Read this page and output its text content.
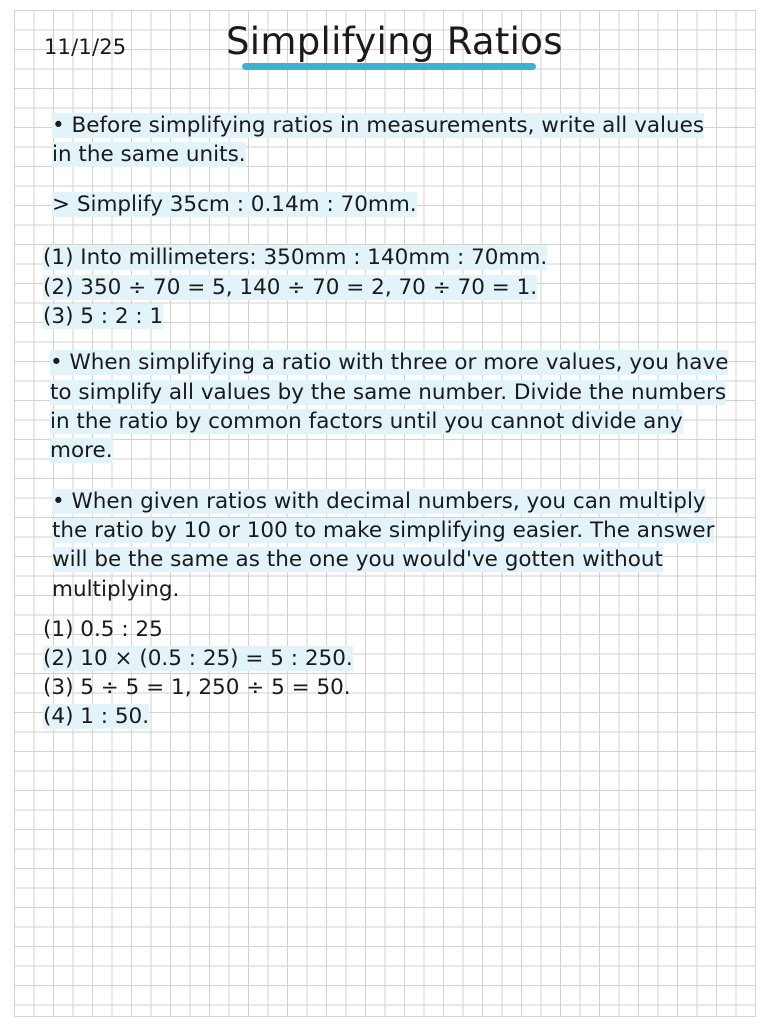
11/1/25	Simplifying Ratios
• Before simplifying ratios in measurements, write all values
in the same units.
> Simplify 35cm : 0.14m : 70mm.
(1) Into millimeters: 350mm : 140mm : 70mm.
(2) 350 ÷ 70 = 5, 140 ÷ 70 = 2, 70 ÷ 70 = 1.
(3) 5 : 2 : 1
• When simplifying a ratio with three or more values, you have
to simplify all values by the same number. Divide the numbers
in the ratio by common factors until you cannot divide any
more.
• When given ratios with decimal numbers, you can multiply
the ratio by 10 or 100 to make simplifying easier. The answer
will be the same as the one you would've gotten without
multiplying.
(1) 0.5 : 25
(2) 10 × (0.5 : 25) = 5 : 250.
(3) 5 ÷ 5 = 1, 250 ÷ 5 = 50.
(4) 1 : 50.
